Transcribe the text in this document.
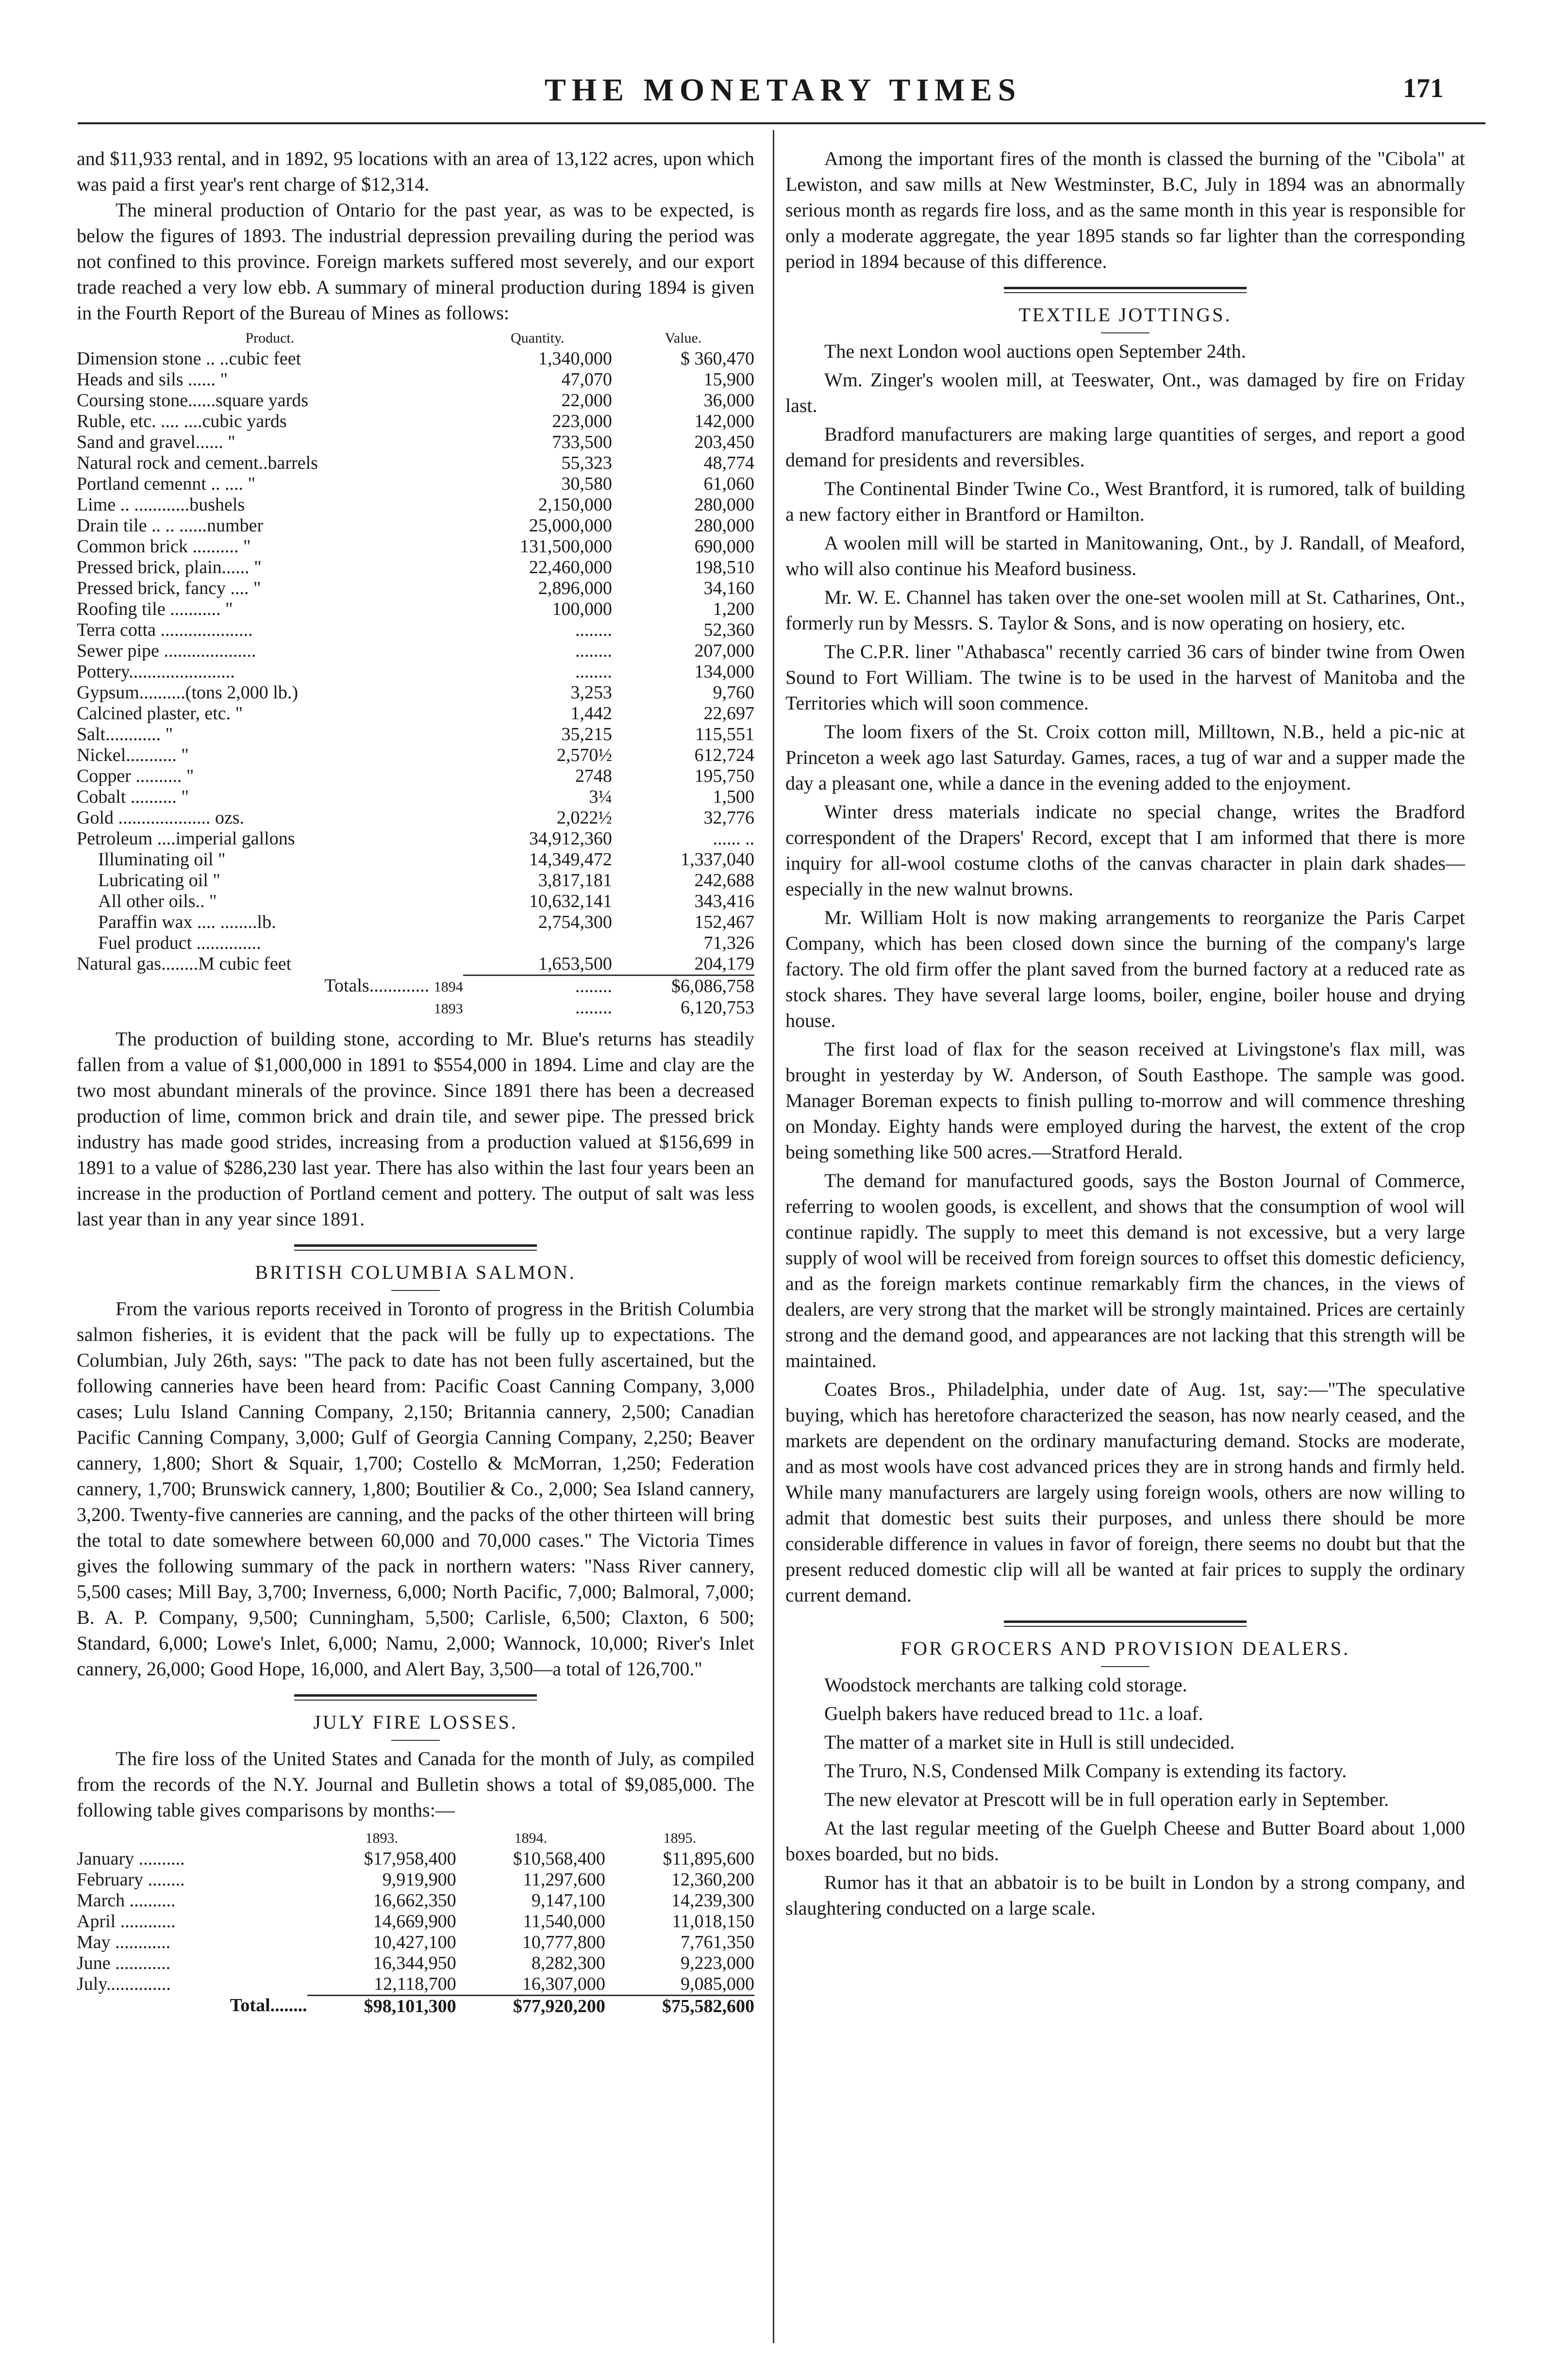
THE MONETARY TIMES	171

and $11,933 rental, and in 1892, 95 locations with an area of 13,122 acres, upon which was paid a first year's rent charge of $12,314.

The mineral production of Ontario for the past year, as was to be expected, is below the figures of 1893. The industrial depression prevailing during the period was not confined to this province. Foreign markets suffered most severely, and our export trade reached a very low ebb. A summary of mineral production during 1894 is given in the Fourth Report of the Bureau of Mines as follows:

Product.	Quantity.	Value.
Dimension stone .. ..cubic feet	1,340,000	$ 360,470
Heads and sils ...... "	47,070	15,900
Coursing stone......square yards	22,000	36,000
Ruble, etc. .... ....cubic yards	223,000	142,000
Sand and gravel...... "	733,500	203,450
Natural rock and cement..barrels	55,323	48,774
Portland cemennt .. .... "	30,580	61,060
Lime .. ............bushels	2,150,000	280,000
Drain tile .. .. ......number	25,000,000	280,000
Common brick .......... "	131,500,000	690,000
Pressed brick, plain...... "	22,460,000	198,510
Pressed brick, fancy .... "	2,896,000	34,160
Roofing tile ........... "	100,000	1,200
Terra cotta ....................	........	52,360
Sewer pipe ....................	........	207,000
Pottery.......................	........	134,000
Gypsum..........(tons 2,000 lb.)	3,253	9,760
Calcined plaster, etc. "	1,442	22,697
Salt............ "	35,215	115,551
Nickel........... "	2,570½	612,724
Copper .......... "	2748	195,750
Cobalt .......... "	3¼	1,500
Gold .................... ozs.	2,022½	32,776
Petroleum ....imperial gallons	34,912,360	...... ..
Illuminating oil "	14,349,472	1,337,040
Lubricating oil "	3,817,181	242,688
All other oils.. "	10,632,141	343,416
Paraffin wax .... ........lb.	2,754,300	152,467
Fuel product ..............		71,326
Natural gas........M cubic feet	1,653,500	204,179
Totals............. 1894	........	$6,086,758
1893	........	6,120,753

The production of building stone, according to Mr. Blue's returns has steadily fallen from a value of $1,000,000 in 1891 to $554,000 in 1894. Lime and clay are the two most abundant minerals of the province. Since 1891 there has been a decreased production of lime, common brick and drain tile, and sewer pipe. The pressed brick industry has made good strides, increasing from a production valued at $156,699 in 1891 to a value of $286,230 last year. There has also within the last four years been an increase in the production of Portland cement and pottery. The output of salt was less last year than in any year since 1891.

BRITISH COLUMBIA SALMON.

From the various reports received in Toronto of progress in the British Columbia salmon fisheries, it is evident that the pack will be fully up to expectations. The Columbian, July 26th, says: "The pack to date has not been fully ascertained, but the following canneries have been heard from: Pacific Coast Canning Company, 3,000 cases; Lulu Island Canning Company, 2,150; Britannia cannery, 2,500; Canadian Pacific Canning Company, 3,000; Gulf of Georgia Canning Company, 2,250; Beaver cannery, 1,800; Short & Squair, 1,700; Costello & McMorran, 1,250; Federation cannery, 1,700; Brunswick cannery, 1,800; Boutilier & Co., 2,000; Sea Island cannery, 3,200. Twenty-five canneries are canning, and the packs of the other thirteen will bring the total to date somewhere between 60,000 and 70,000 cases." The Victoria Times gives the following summary of the pack in northern waters: "Nass River cannery, 5,500 cases; Mill Bay, 3,700; Inverness, 6,000; North Pacific, 7,000; Balmoral, 7,000; B. A. P. Company, 9,500; Cunningham, 5,500; Carlisle, 6,500; Claxton, 6 500; Standard, 6,000; Lowe's Inlet, 6,000; Namu, 2,000; Wannock, 10,000; River's Inlet cannery, 26,000; Good Hope, 16,000, and Alert Bay, 3,500—a total of 126,700."

JULY FIRE LOSSES.

The fire loss of the United States and Canada for the month of July, as compiled from the records of the N.Y. Journal and Bulletin shows a total of $9,085,000. The following table gives comparisons by months:—

	1893.	1894.	1895.
January ..........	$17,958,400	$10,568,400	$11,895,600
February ........	9,919,900	11,297,600	12,360,200
March ..........	16,662,350	9,147,100	14,239,300
April ............	14,669,900	11,540,000	11,018,150
May ............	10,427,100	10,777,800	7,761,350
June ............	16,344,950	8,282,300	9,223,000
July..............	12,118,700	16,307,000	9,085,000
Total........	$98,101,300	$77,920,200	$75,582,600

Among the important fires of the month is classed the burning of the "Cibola" at Lewiston, and saw mills at New Westminster, B.C, July in 1894 was an abnormally serious month as regards fire loss, and as the same month in this year is responsible for only a moderate aggregate, the year 1895 stands so far lighter than the corresponding period in 1894 because of this difference.

TEXTILE JOTTINGS.

The next London wool auctions open September 24th.

Wm. Zinger's woolen mill, at Teeswater, Ont., was damaged by fire on Friday last.

Bradford manufacturers are making large quantities of serges, and report a good demand for presidents and reversibles.

The Continental Binder Twine Co., West Brantford, it is rumored, talk of building a new factory either in Brantford or Hamilton.

A woolen mill will be started in Manitowaning, Ont., by J. Randall, of Meaford, who will also continue his Meaford business.

Mr. W. E. Channel has taken over the one-set woolen mill at St. Catharines, Ont., formerly run by Messrs. S. Taylor & Sons, and is now operating on hosiery, etc.

The C.P.R. liner "Athabasca" recently carried 36 cars of binder twine from Owen Sound to Fort William. The twine is to be used in the harvest of Manitoba and the Territories which will soon commence.

The loom fixers of the St. Croix cotton mill, Milltown, N.B., held a pic-nic at Princeton a week ago last Saturday. Games, races, a tug of war and a supper made the day a pleasant one, while a dance in the evening added to the enjoyment.

Winter dress materials indicate no special change, writes the Bradford correspondent of the Drapers' Record, except that I am informed that there is more inquiry for all-wool costume cloths of the canvas character in plain dark shades—especially in the new walnut browns.

Mr. William Holt is now making arrangements to reorganize the Paris Carpet Company, which has been closed down since the burning of the company's large factory. The old firm offer the plant saved from the burned factory at a reduced rate as stock shares. They have several large looms, boiler, engine, boiler house and drying house.

The first load of flax for the season received at Livingstone's flax mill, was brought in yesterday by W. Anderson, of South Easthope. The sample was good. Manager Boreman expects to finish pulling to-morrow and will commence threshing on Monday. Eighty hands were employed during the harvest, the extent of the crop being something like 500 acres.—Stratford Herald.

The demand for manufactured goods, says the Boston Journal of Commerce, referring to woolen goods, is excellent, and shows that the consumption of wool will continue rapidly. The supply to meet this demand is not excessive, but a very large supply of wool will be received from foreign sources to offset this domestic deficiency, and as the foreign markets continue remarkably firm the chances, in the views of dealers, are very strong that the market will be strongly maintained. Prices are certainly strong and the demand good, and appearances are not lacking that this strength will be maintained.

Coates Bros., Philadelphia, under date of Aug. 1st, say:—"The speculative buying, which has heretofore characterized the season, has now nearly ceased, and the markets are dependent on the ordinary manufacturing demand. Stocks are moderate, and as most wools have cost advanced prices they are in strong hands and firmly held. While many manufacturers are largely using foreign wools, others are now willing to admit that domestic best suits their purposes, and unless there should be more considerable difference in values in favor of foreign, there seems no doubt but that the present reduced domestic clip will all be wanted at fair prices to supply the ordinary current demand.

FOR GROCERS AND PROVISION DEALERS.

Woodstock merchants are talking cold storage.

Guelph bakers have reduced bread to 11c. a loaf.

The matter of a market site in Hull is still undecided.

The Truro, N.S, Condensed Milk Company is extending its factory.

The new elevator at Prescott will be in full operation early in September.

At the last regular meeting of the Guelph Cheese and Butter Board about 1,000 boxes boarded, but no bids.

Rumor has it that an abbatoir is to be built in London by a strong company, and slaughtering conducted on a large scale.
